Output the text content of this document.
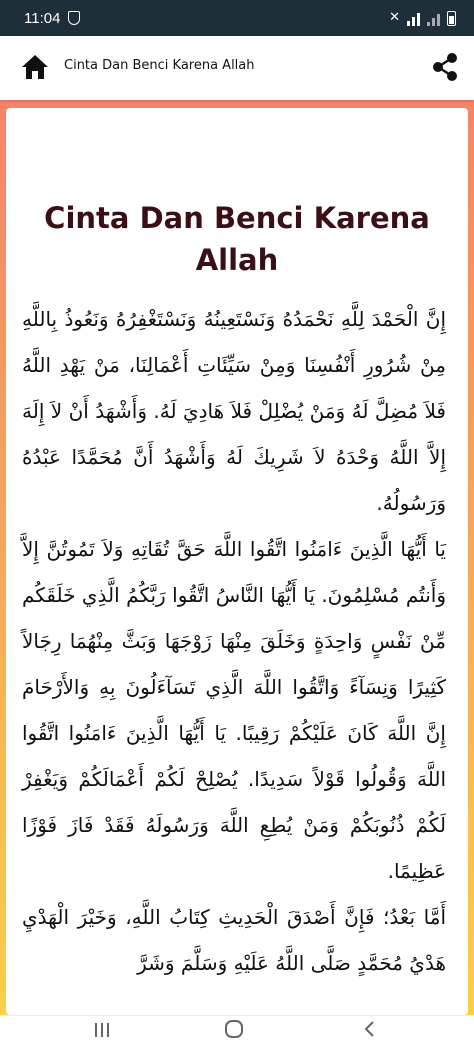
11:04	✕
Cinta Dan Benci Karena Allah
Cinta Dan Benci Karena Allah

إِنَّ الْحَمْدَ لِلَّهِ نَحْمَدُهُ وَنَسْتَعِينُهُ وَنَسْتَغْفِرُهُ وَنَعُوذُ بِاللَّهِ مِنْ شُرُورِ أَنْفُسِنَا وَمِنْ سَيِّئَاتِ أَعْمَالِنَا، مَنْ يَهْدِ اللَّهُ فَلاَ مُضِلَّ لَهُ وَمَنْ يُضْلِلْ فَلاَ هَادِيَ لَهُ. وَأَشْهَدُ أَنْ لاَ إِلَهَ إِلاَّ اللَّهُ وَحْدَهُ لاَ شَرِيكَ لَهُ وَأَشْهَدُ أَنَّ مُحَمَّدًا عَبْدُهُ وَرَسُولُهُ.

يَا أَيُّهَا الَّذِينَ ءَامَنُوا اتَّقُوا اللَّهَ حَقَّ تُقَاتِهِ وَلاَ تَمُوتُنَّ إِلاَّ وَأَنتُم مُسْلِمُونَ. يَا أَيُّهَا النَّاسُ اتَّقُوا رَبَّكُمُ الَّذِي خَلَقَكُم مِّنْ نَفْسٍ وَاحِدَةٍ وَخَلَقَ مِنْهَا زَوْجَهَا وَبَثَّ مِنْهُمَا رِجَالاً كَثِيرًا وَنِسَآءً وَاتَّقُوا اللَّهَ الَّذِي تَسَآءَلُونَ بِهِ وَالأَرْحَامَ إِنَّ اللَّهَ كَانَ عَلَيْكُمْ رَقِيبًا. يَا أَيُّهَا الَّذِينَ ءَامَنُوا اتَّقُوا اللَّهَ وَقُولُوا قَوْلاً سَدِيدًا. يُصْلِحْ لَكُمْ أَعْمَالَكُمْ وَيَغْفِرْ لَكُمْ ذُنُوبَكُمْ وَمَنْ يُطِعِ اللَّهَ وَرَسُولَهُ فَقَدْ فَازَ فَوْزًا عَظِيمًا.

أَمَّا بَعْدُ؛ فَإِنَّ أَصْدَقَ الْحَدِيثِ كِتَابُ اللَّهِ، وَخَيْرَ الْهَدْيِ هَدْيُ مُحَمَّدٍ صَلَّى اللَّهُ عَلَيْهِ وَسَلَّمَ وَشَرَّ
